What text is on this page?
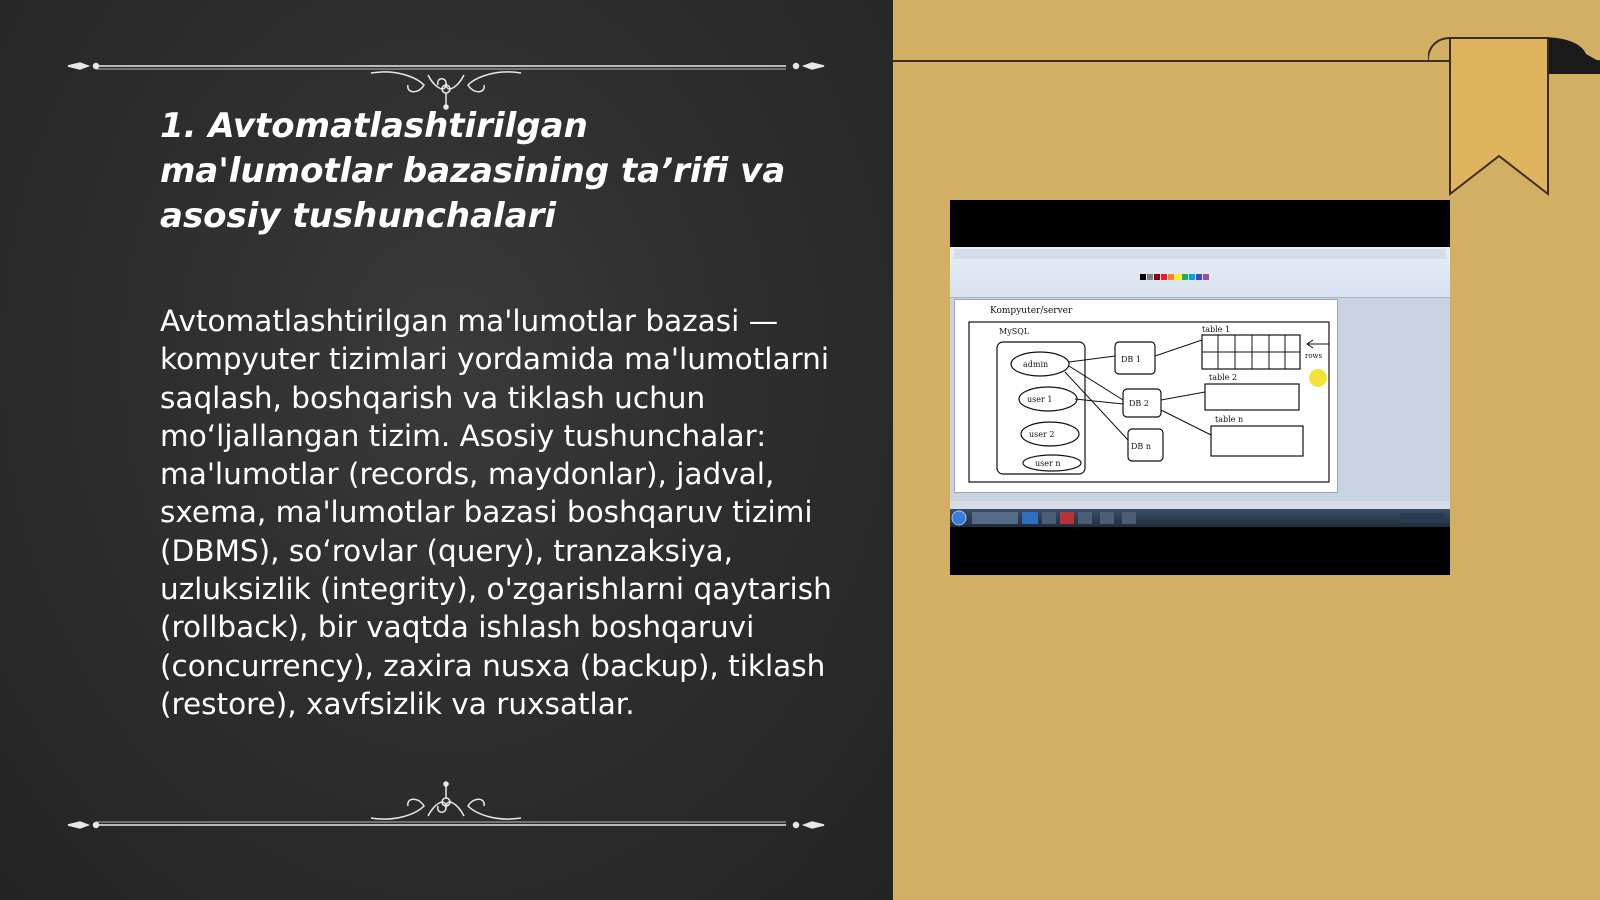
1. Avtomatlashtirilgan ma'lumotlar bazasining ta’rifi va asosiy tushunchalari

Avtomatlashtirilgan ma'lumotlar bazasi — kompyuter tizimlari yordamida ma'lumotlarni saqlash, boshqarish va tiklash uchun mo‘ljallangan tizim. Asosiy tushunchalar: ma'lumotlar (records, maydonlar), jadval, sxema, ma'lumotlar bazasi boshqaruv tizimi (DBMS), so‘rovlar (query), tranzaksiya, uzluksizlik (integrity), o'zgarishlarni qaytarish (rollback), bir vaqtda ishlash boshqaruvi (concurrency), zaxira nusxa (backup), tiklash (restore), xavfsizlik va ruxsatlar.

Kompyuter/server
MySQL
admin
user 1
user 2
user n
DB 1
DB 2
DB n
table 1
rows
table 2
table n
